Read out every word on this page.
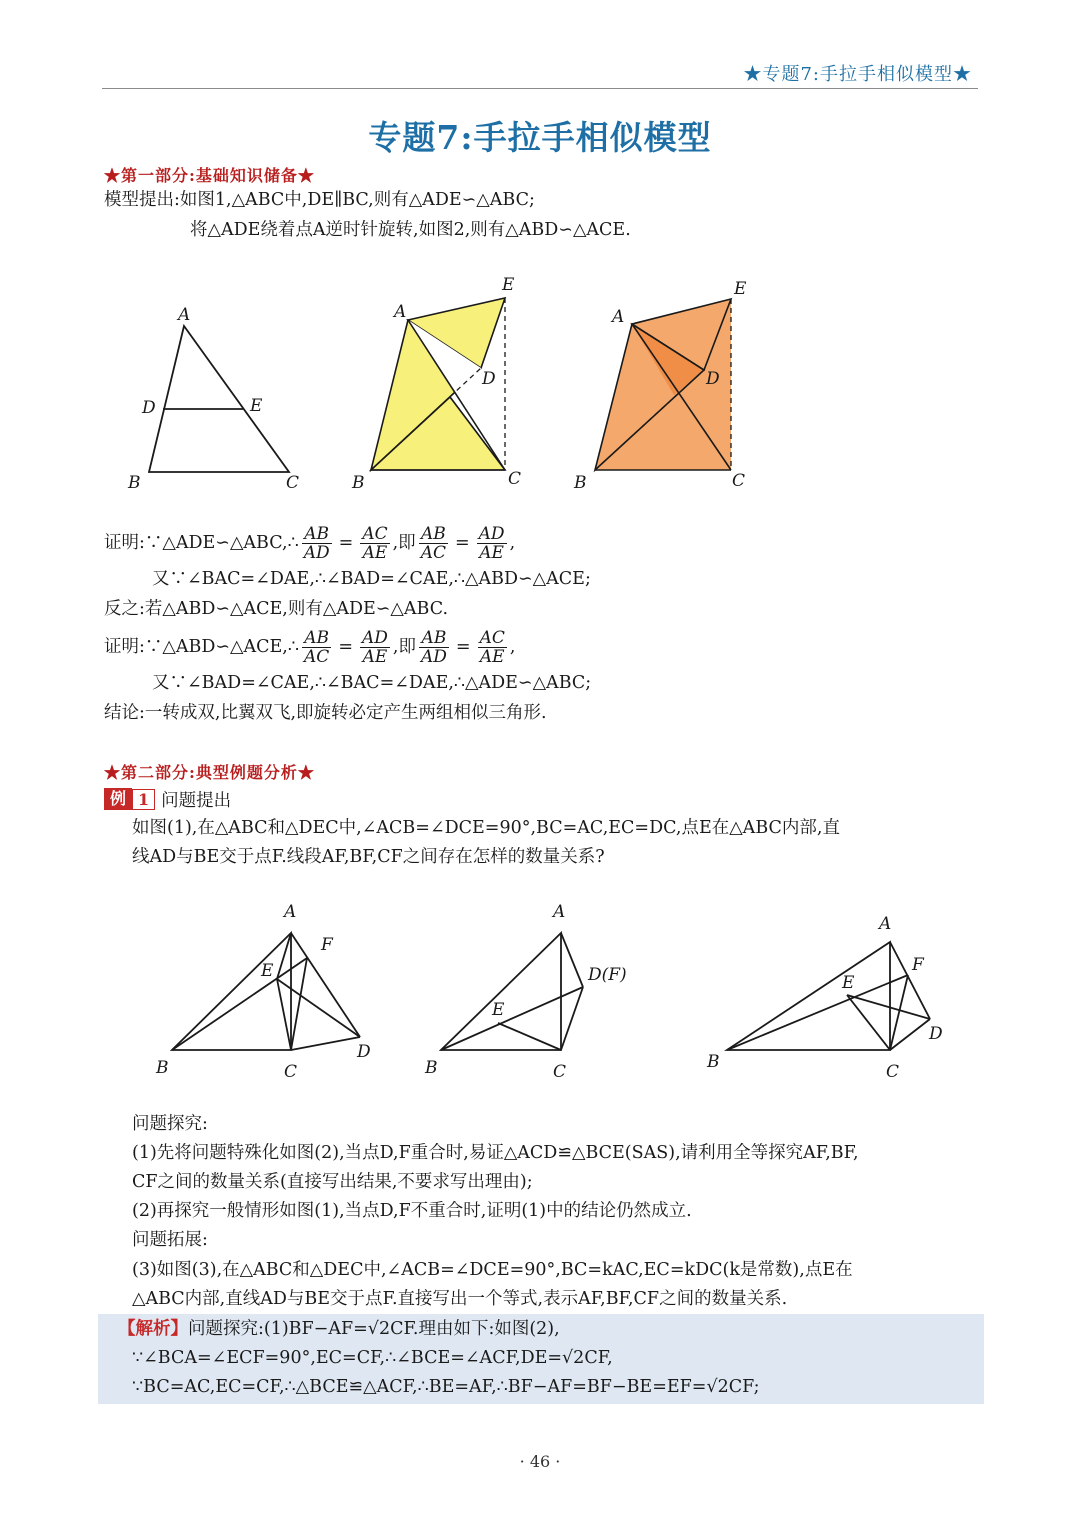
★专题7:手拉手相似模型★
专题7:手拉手相似模型
★第一部分:基础知识储备★
模型提出:如图1,△ABC中,DE∥BC,则有△ADE∽△ABC;
将△ADE绕着点A逆时针旋转,如图2,则有△ABD∽△ACE.
A
B	C
D	E
A
B	C
D
E
A
B	C
D
E
证明:∵△ADE∽△ABC,∴ $\frac{AB}{AD} = \frac{AC}{AE}$ ,即 $\frac{AB}{AC} = \frac{AD}{AE}$ ,
又∵∠BAC=∠DAE,∴∠BAD=∠CAE,∴△ABD∽△ACE;
反之:若△ABD∽△ACE,则有△ADE∽△ABC.
证明:∵△ABD∽△ACE,∴ $\frac{AB}{AC} = \frac{AD}{AE}$ ,即 $\frac{AB}{AD} = \frac{AC}{AE}$ ,
又∵∠BAD=∠CAE,∴∠BAC=∠DAE,∴△ADE∽△ABC;
结论:一转成双,比翼双飞,即旋转必定产生两组相似三角形.
★第二部分:典型例题分析★
例 1 问题提出
如图(1),在△ABC和△DEC中,∠ACB=∠DCE=90°,BC=AC,EC=DC,点E在△ABC内部,直
线AD与BE交于点F.线段AF,BF,CF之间存在怎样的数量关系?
A
B	C
D
E
F
A
B	C
D(F)
E
A
B	C
D
E
F
问题探究:
(1)先将问题特殊化如图(2),当点D,F重合时,易证△ACD≌△BCE(SAS),请利用全等探究AF,BF,
CF之间的数量关系(直接写出结果,不要求写出理由);
(2)再探究一般情形如图(1),当点D,F不重合时,证明(1)中的结论仍然成立.
问题拓展:
(3)如图(3),在△ABC和△DEC中,∠ACB=∠DCE=90°,BC=kAC,EC=kDC(k是常数),点E在
△ABC内部,直线AD与BE交于点F.直接写出一个等式,表示AF,BF,CF之间的数量关系.
【解析】问题探究:(1)BF−AF=√2CF.理由如下:如图(2),
∵∠BCA=∠ECF=90°,EC=CF,∴∠BCE=∠ACF,DE=√2CF,
∵BC=AC,EC=CF,∴△BCE≌△ACF,∴BE=AF,∴BF−AF=BF−BE=EF=√2CF;
· 46 ·
